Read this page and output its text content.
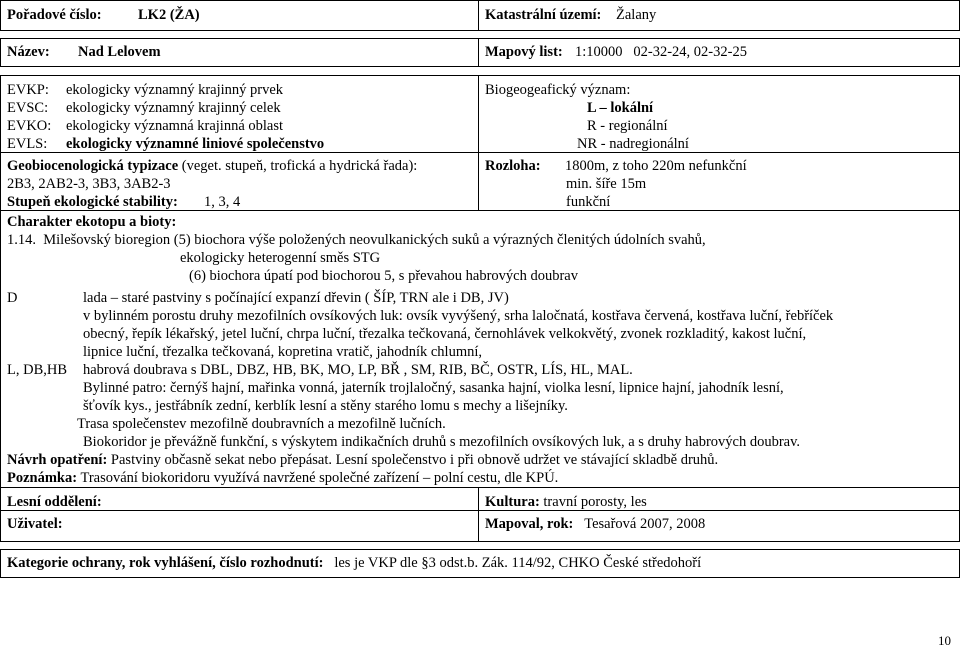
Pořadové číslo:	LK2 (ŽA)	Katastrální území: Žalany
Název: Nad Lelovem	Mapový list: 1:10000   02-32-24, 02-32-25
EVKP: ekologicky významný krajinný prvek
EVSC: ekologicky významný krajinný celek
EVKO: ekologicky významná krajinná oblast
EVLS: ekologicky významné liniové společenstvo
Biogeogeafický význam:
L – lokální
R - regionální
NR - nadregionální
Geobiocenologická typizace (veget. stupeň, trofická a hydrická řada):
2B3, 2AB2-3, 3B3, 3AB2-3
Stupeň ekologické stability: 1, 3, 4
Rozloha: 1800m, z toho 220m nefunkční
min. šíře 15m
funkční
Charakter ekotopu a bioty:
1.14.  Milešovský bioregion (5) biochora výše položených neovulkanických suků a výrazných členitých údolních svahů,
ekologicky heterogenní směs STG
(6) biochora úpatí pod biochorou 5, s převahou habrových doubrav
D	lada – staré pastviny s počínající expanzí dřevin ( ŠÍP, TRN ale i DB, JV)
v bylinném porostu druhy mezofilních ovsíkových luk: ovsík vyvýšený, srha laločnatá, kostřava červená, kostřava luční, řebříček
obecný, řepík lékařský, jetel luční, chrpa luční, třezalka tečkovaná, černohlávek velkokvětý, zvonek rozkladitý, kakost luční,
lipnice luční, třezalka tečkovaná, kopretina vratič, jahodník chlumní,
L, DB,HB habrová doubrava s DBL, DBZ, HB, BK, MO, LP, BŘ , SM, RIB, BČ, OSTR, LÍS, HL, MAL.
Bylinné patro: černýš hajní, mařinka vonná, jaterník trojlaločný, sasanka hajní, violka lesní, lipnice hajní, jahodník lesní,
šťovík kys., jestřábník zední, kerblík lesní a stěny starého lomu s mechy a lišejníky.
Trasa společenstev mezofilně doubravních a mezofilně lučních.
Biokoridor je převážně funkční, s výskytem indikačních druhů s mezofilních ovsíkových luk, a s druhy habrových doubrav.
Návrh opatření: Pastviny občasně sekat nebo přepásat. Lesní společenstvo i při obnově udržet ve stávající skladbě druhů.
Poznámka: Trasování biokoridoru využívá navržené společné zařízení – polní cestu, dle KPÚ.
Lesní oddělení:	Kultura: travní porosty, les
Uživatel:	Mapoval, rok: Tesařová 2007, 2008
Kategorie ochrany, rok vyhlášení, číslo rozhodnutí: les je VKP dle §3 odst.b. Zák. 114/92, CHKO České středohoří
10
